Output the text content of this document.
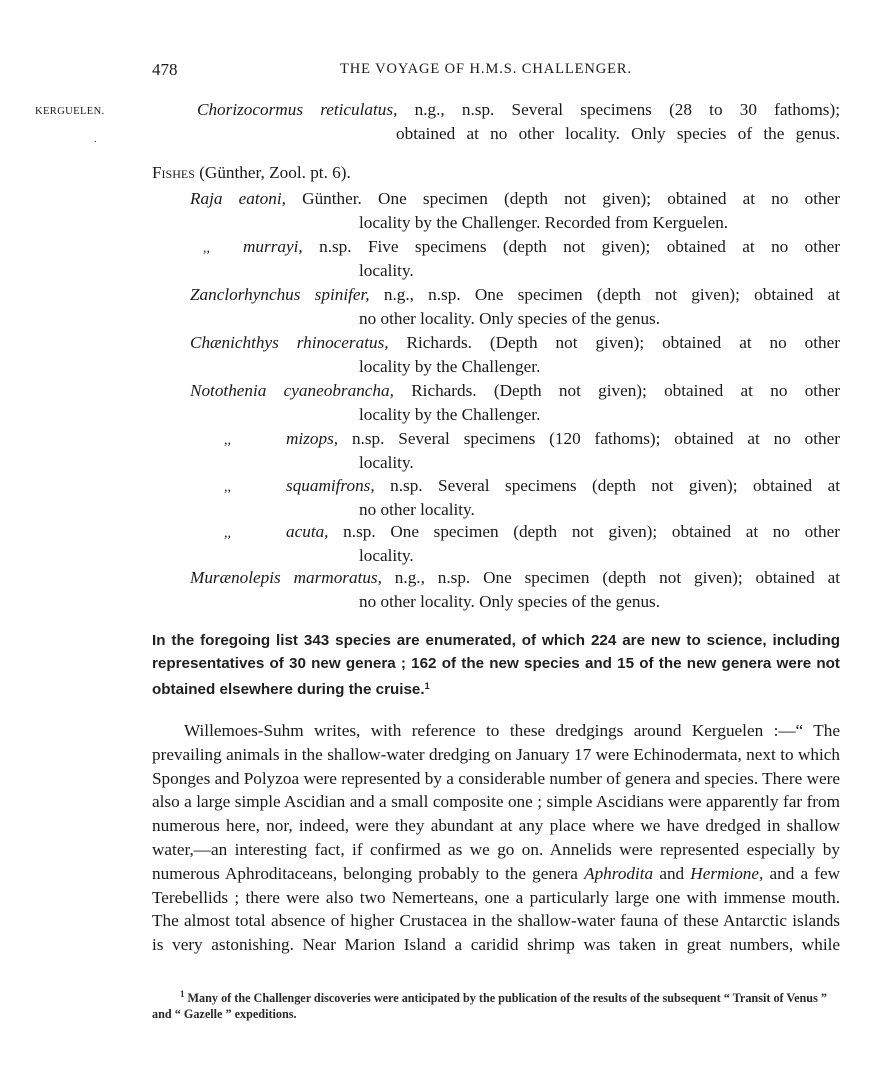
478	THE VOYAGE OF H.M.S. CHALLENGER.
KERGUELEN.
.
Chorizocormus reticulatus, n.g., n.sp. Several specimens (28 to 30 fathoms);
obtained at no other locality. Only species of the genus.
Fishes (Günther, Zool. pt. 6).
Raja eatoni, Günther. One specimen (depth not given); obtained at no other
locality by the Challenger. Recorded from Kerguelen.
,, murrayi, n.sp. Five specimens (depth not given); obtained at no other
locality.
Zanclorhynchus spinifer, n.g., n.sp. One specimen (depth not given); obtained at
no other locality. Only species of the genus.
Chænichthys rhinoceratus, Richards. (Depth not given); obtained at no other
locality by the Challenger.
Notothenia cyaneobrancha, Richards. (Depth not given); obtained at no other
locality by the Challenger.
,,	mizops, n.sp. Several specimens (120 fathoms); obtained at no other
locality.
,,	squamifrons, n.sp. Several specimens (depth not given); obtained at
no other locality.
,,	acuta, n.sp. One specimen (depth not given); obtained at no other
locality.
Murænolepis marmoratus, n.g., n.sp. One specimen (depth not given); obtained at
no other locality. Only species of the genus.
In the foregoing list 343 species are enumerated, of which 224 are new to science, including representatives of 30 new genera ; 162 of the new species and 15 of the new genera were not obtained elsewhere during the cruise.$^1$
Willemoes-Suhm writes, with reference to these dredgings around Kerguelen :—“ The prevailing animals in the shallow-water dredging on January 17 were Echinodermata, next to which Sponges and Polyzoa were represented by a considerable number of genera and species. There were also a large simple Ascidian and a small composite one ; simple Ascidians were apparently far from numerous here, nor, indeed, were they abundant at any place where we have dredged in shallow water,—an interesting fact, if confirmed as we go on. Annelids were represented especially by numerous Aphroditaceans, belonging probably to the genera Aphrodita and Hermione, and a few Terebellids ; there were also two Nemerteans, one a particularly large one with immense mouth. The almost total absence of higher Crustacea in the shallow-water fauna of these Antarctic islands is very astonishing. Near Marion Island a caridid shrimp was taken in great numbers, while
$^1$ Many of the Challenger discoveries were anticipated by the publication of the results of the subsequent “ Transit of Venus ” and “ Gazelle ” expeditions.
